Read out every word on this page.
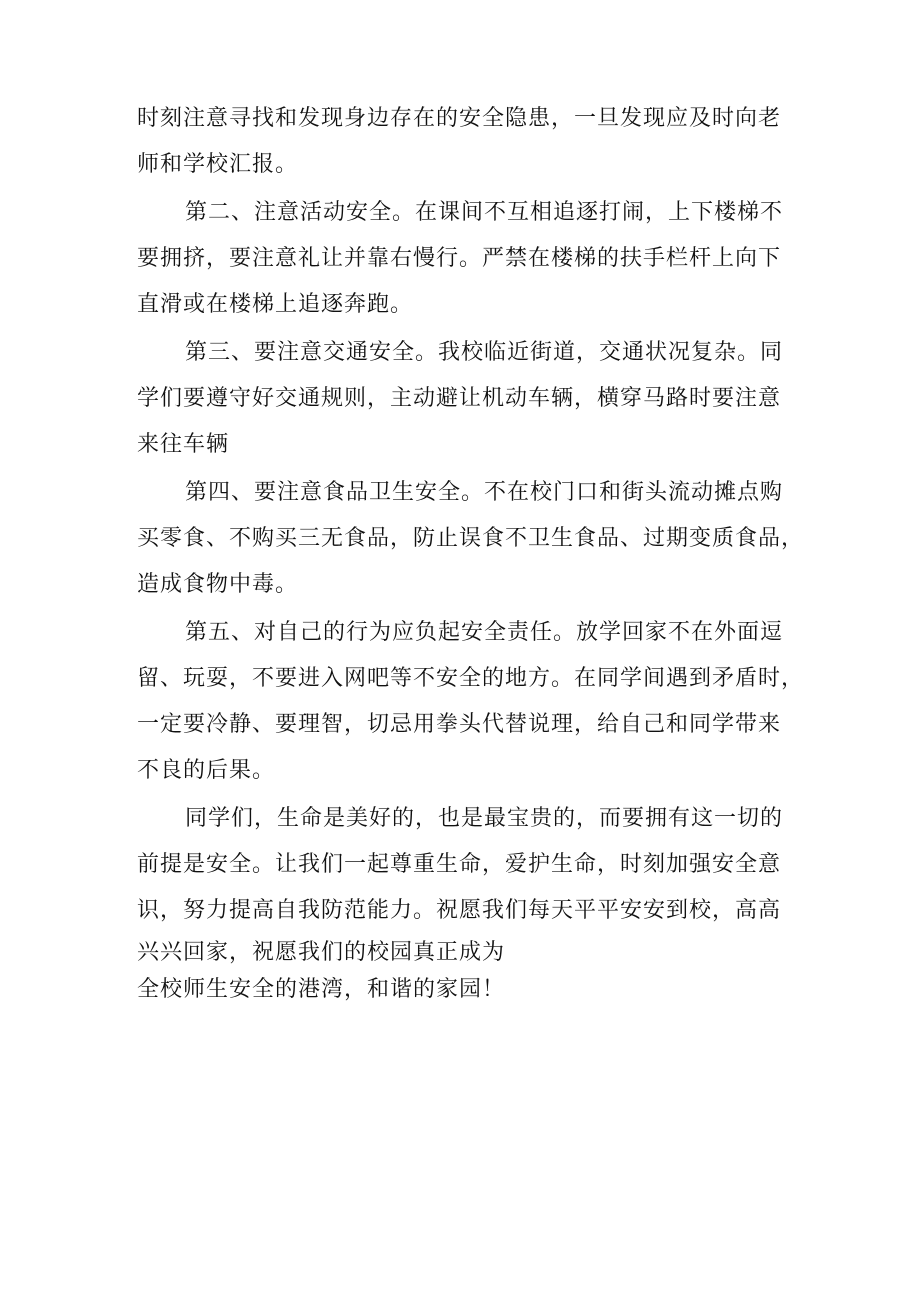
时刻注意寻找和发现身边存在的安全隐患，一旦发现应及时向老
师和学校汇报。

第二、注意活动安全。在课间不互相追逐打闹，上下楼梯不
要拥挤，要注意礼让并靠右慢行。严禁在楼梯的扶手栏杆上向下
直滑或在楼梯上追逐奔跑。

第三、要注意交通安全。我校临近街道，交通状况复杂。同
学们要遵守好交通规则，主动避让机动车辆，横穿马路时要注意
来往车辆

第四、要注意食品卫生安全。不在校门口和街头流动摊点购
买零食、不购买三无食品，防止误食不卫生食品、过期变质食品，
造成食物中毒。

第五、对自己的行为应负起安全责任。放学回家不在外面逗
留、玩耍，不要进入网吧等不安全的地方。在同学间遇到矛盾时，
一定要冷静、要理智，切忌用拳头代替说理，给自己和同学带来
不良的后果。

同学们，生命是美好的，也是最宝贵的，而要拥有这一切的
前提是安全。让我们一起尊重生命，爱护生命，时刻加强安全意
识，努力提高自我防范能力。祝愿我们每天平平安安到校，高高
兴兴回家，祝愿我们的校园真正成为

全校师生安全的港湾，和谐的家园！
